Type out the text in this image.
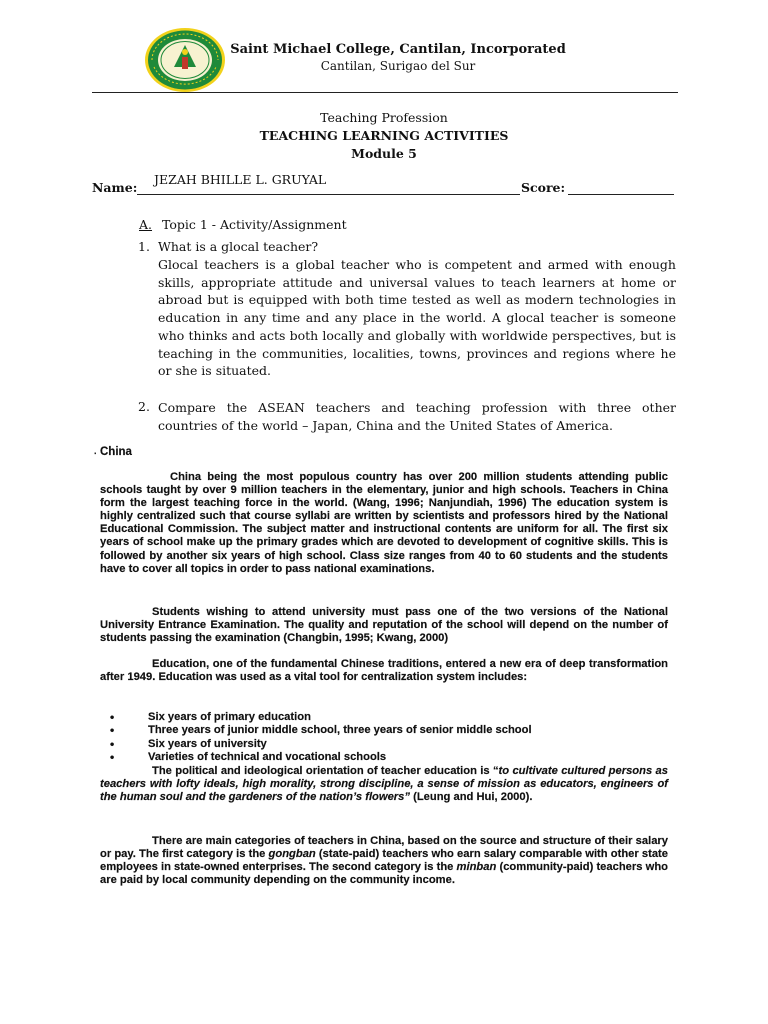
Saint Michael College, Cantilan, Incorporated
Cantilan, Surigao del Sur
Teaching Profession
TEACHING LEARNING ACTIVITIES
Module 5
JEZAH BHILLE L. GRUYAL
Name:	Score:
A. Topic 1 - Activity/Assignment
1. What is a glocal teacher?
Glocal teachers is a global teacher who is competent and armed with enough skills, appropriate attitude and universal values to teach learners at home or abroad but is equipped with both time tested as well as modern technologies in education in any time and any place in the world. A glocal teacher is someone who thinks and acts both locally and globally with worldwide perspectives, but is teaching in the communities, localities, towns, provinces and regions where he or she is situated.
2. Compare the ASEAN teachers and teaching profession with three other countries of the world – Japan, China and the United States of America.
. China

China being the most populous country has over 200 million students attending public schools taught by over 9 million teachers in the elementary, junior and high schools. Teachers in China form the largest teaching force in the world. (Wang, 1996; Nanjundiah, 1996) The education system is highly centralized such that course syllabi are written by scientists and professors hired by the National Educational Commission. The subject matter and instructional contents are uniform for all. The first six years of school make up the primary grades which are devoted to development of cognitive skills. This is followed by another six years of high school. Class size ranges from 40 to 60 students and the students have to cover all topics in order to pass national examinations.

Students wishing to attend university must pass one of the two versions of the National University Entrance Examination. The quality and reputation of the school will depend on the number of students passing the examination (Changbin, 1995; Kwang, 2000)

Education, one of the fundamental Chinese traditions, entered a new era of deep transformation after 1949. Education was used as a vital tool for centralization system includes:

• Six years of primary education
• Three years of junior middle school, three years of senior middle school
• Six years of university
• Varieties of technical and vocational schools

The political and ideological orientation of teacher education is “to cultivate cultured persons as teachers with lofty ideals, high morality, strong discipline, a sense of mission as educators, engineers of the human soul and the gardeners of the nation’s flowers” (Leung and Hui, 2000).

There are main categories of teachers in China, based on the source and structure of their salary or pay. The first category is the gongban (state-paid) teachers who earn salary comparable with other state employees in state-owned enterprises. The second category is the minban (community-paid) teachers who are paid by local community depending on the community income.
